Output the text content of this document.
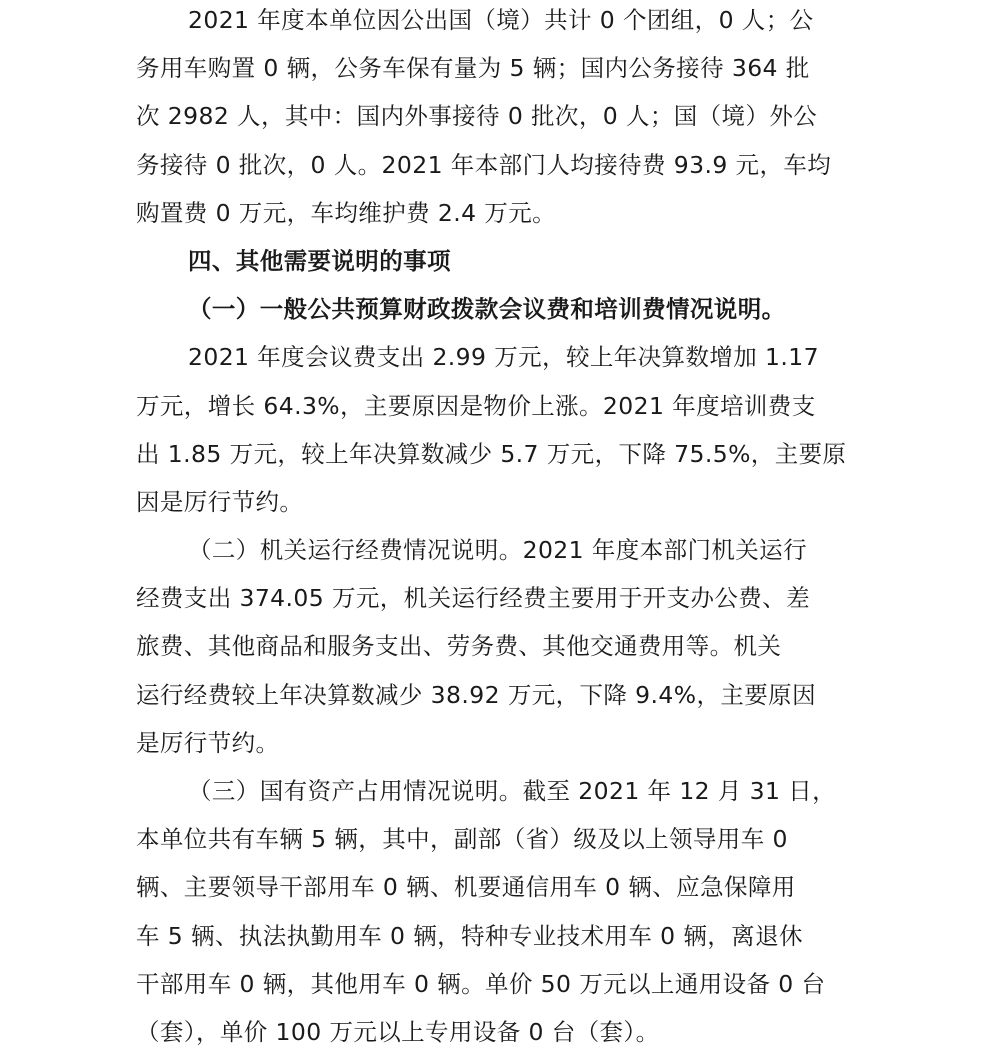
2021 年度本单位因公出国（境）共计 0 个团组，0 人；公
务用车购置 0 辆，公务车保有量为 5 辆；国内公务接待 364 批
次 2982 人，其中：国内外事接待 0 批次，0 人；国（境）外公
务接待 0 批次，0 人。2021 年本部门人均接待费 93.9 元，车均
购置费 0 万元，车均维护费 2.4 万元。
四、其他需要说明的事项
（一）一般公共预算财政拨款会议费和培训费情况说明。
2021 年度会议费支出 2.99 万元，较上年决算数增加 1.17
万元，增长 64.3%，主要原因是物价上涨。2021 年度培训费支
出 1.85 万元，较上年决算数减少 5.7 万元，下降 75.5%，主要原
因是厉行节约。
（二）机关运行经费情况说明。2021 年度本部门机关运行
经费支出 374.05 万元，机关运行经费主要用于开支办公费、差
旅费、其他商品和服务支出、劳务费、其他交通费用等。机关
运行经费较上年决算数减少 38.92 万元，下降 9.4%，主要原因
是厉行节约。
（三）国有资产占用情况说明。截至 2021 年 12 月 31 日，
本单位共有车辆 5 辆，其中，副部（省）级及以上领导用车 0
辆、主要领导干部用车 0 辆、机要通信用车 0 辆、应急保障用
车 5 辆、执法执勤用车 0 辆，特种专业技术用车 0 辆，离退休
干部用车 0 辆，其他用车 0 辆。单价 50 万元以上通用设备 0 台
（套），单价 100 万元以上专用设备 0 台（套）。
